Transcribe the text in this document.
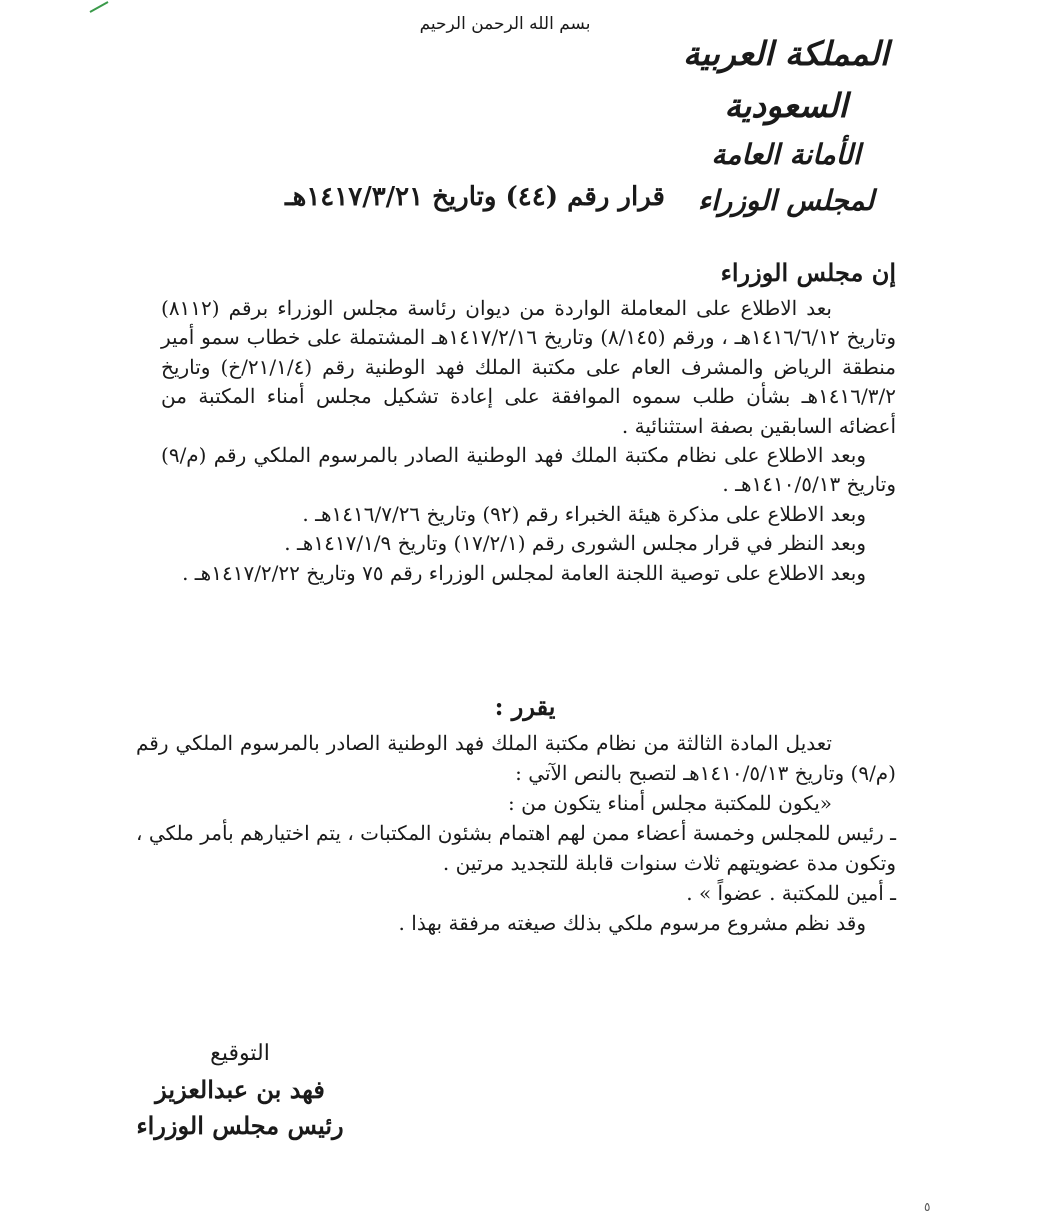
بسم الله الرحمن الرحيم
المملكة العربية السعودية
الأمانة العامة لمجلس الوزراء
قرار رقم (٤٤) وتاريخ ١٤١٧/٣/٢١هـ
إن مجلس الوزراء

بعد الاطلاع على المعاملة الواردة من ديوان رئاسة مجلس الوزراء برقم (٨١١٢) وتاريخ ١٤١٦/٦/١٢هـ ، ورقم (٨/١٤٥) وتاريخ ١٤١٧/٢/١٦هـ المشتملة على خطاب سمو أمير منطقة الرياض والمشرف العام على مكتبة الملك فهد الوطنية رقم (٢١/١/٤/خ) وتاريخ ١٤١٦/٣/٢هـ بشأن طلب سموه الموافقة على إعادة تشكيل مجلس أمناء المكتبة من أعضائه السابقين بصفة استثنائية .

وبعد الاطلاع على نظام مكتبة الملك فهد الوطنية الصادر بالمرسوم الملكي رقم (م/٩) وتاريخ ١٤١٠/٥/١٣هـ .

وبعد الاطلاع على مذكرة هيئة الخبراء رقم (٩٢) وتاريخ ١٤١٦/٧/٢٦هـ .

وبعد النظر في قرار مجلس الشورى رقم (١٧/٢/١) وتاريخ ١٤١٧/١/٩هـ .

وبعد الاطلاع على توصية اللجنة العامة لمجلس الوزراء رقم ٧٥ وتاريخ ١٤١٧/٢/٢٢هـ .

يقرر :

تعديل المادة الثالثة من نظام مكتبة الملك فهد الوطنية الصادر بالمرسوم الملكي رقم (م/٩) وتاريخ ١٤١٠/٥/١٣هـ لتصبح بالنص الآتي :

«يكون للمكتبة مجلس أمناء يتكون من :

ـ رئيس للمجلس وخمسة أعضاء ممن لهم اهتمام بشئون المكتبات ، يتم اختيارهم بأمر ملكي ، وتكون مدة عضويتهم ثلاث سنوات قابلة للتجديد مرتين .

ـ أمين للمكتبة . عضواً » .

وقد نظم مشروع مرسوم ملكي بذلك صيغته مرفقة بهذا .

التوقيع
فهد بن عبدالعزيز
رئيس مجلس الوزراء
٥
